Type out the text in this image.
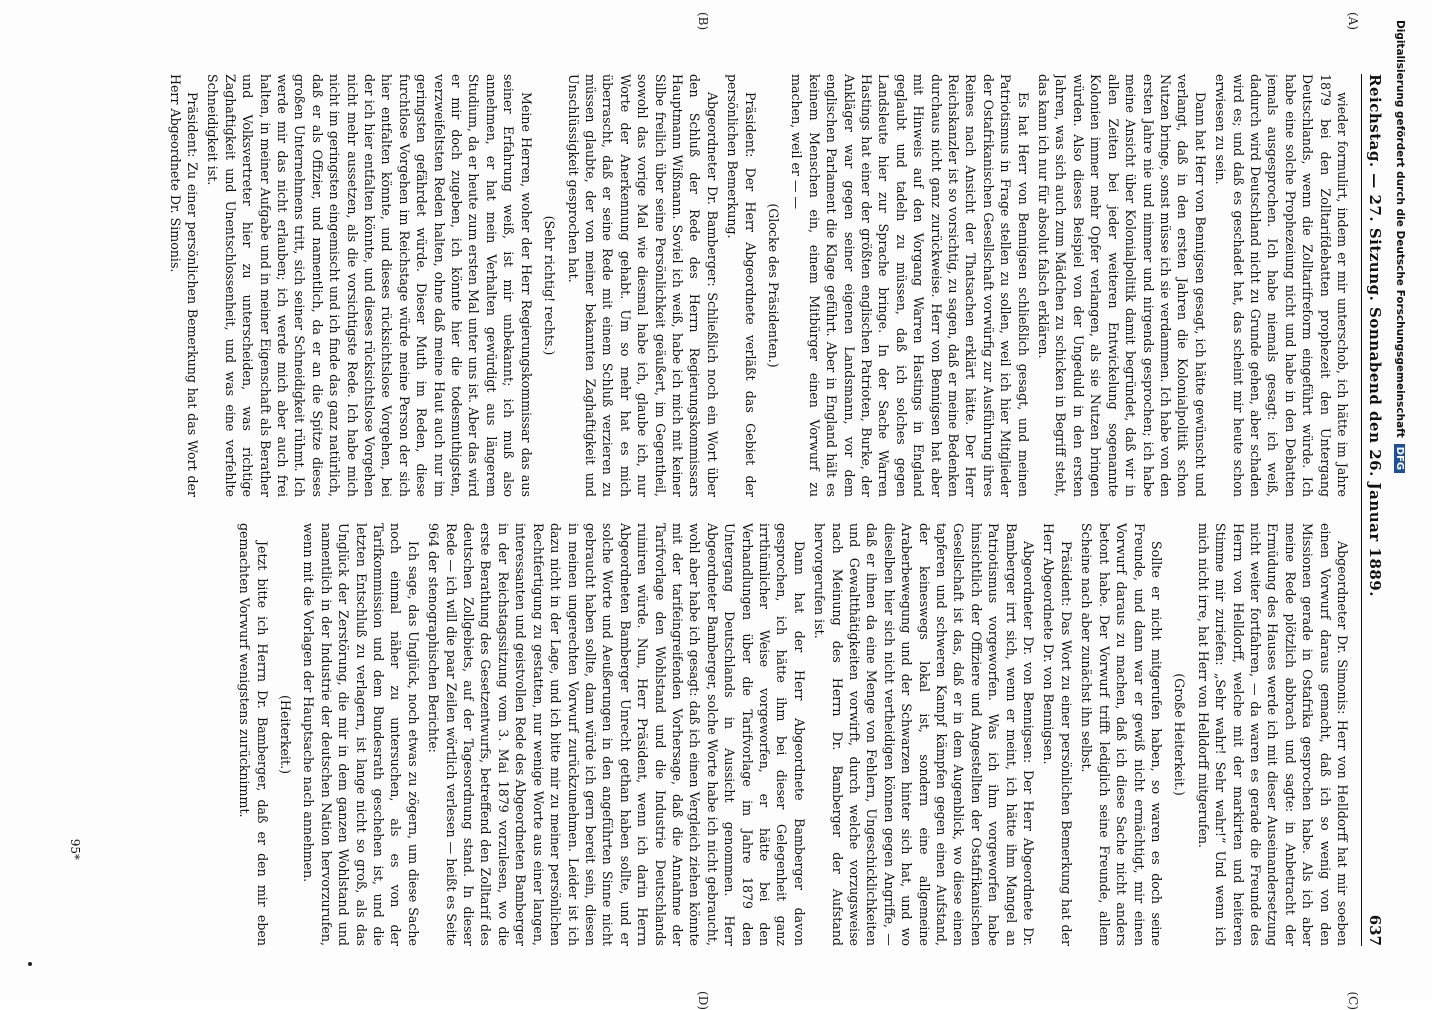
Reichstag. — 27. Sitzung. Sonnabend den 26. Januar 1889.
637

wieder formulirt, indem er mir unterschob, ich hätte im Jahre 1879 bei den Zolltarifdebatten prophezeit den Untergang Deutschlands, wenn die Zolltarifreform eingeführt würde. Ich habe eine solche Prophezeiung nicht und habe in den Debatten jemals ausgesprochen. Ich habe niemals gesagt: ich weiß, dadurch wird Deutschland nicht zu Grunde gehen, aber schaden wird es; und daß es geschadet hat, das scheint mir heute schon erwiesen zu sein.

Dann hat Herr von Bennigsen gesagt, ich hätte gewünscht und verlangt, daß in den ersten Jahren die Kolonialpolitik schon Nutzen bringe, sonst müsse ich sie verdammen. Ich habe von den ersten Jahre nie und nimmer und nirgends gesprochen; ich habe meine Ansicht über Kolonialpolitik damit begründet, daß wir in allen Zeiten bei jeder weiteren Entwickelung sogenannte Kolonien immer mehr Opfer verlangen, als sie Nutzen bringen würden. Also dieses Beispiel von der Ungeduld in den ersten Jahren, was sich auch zum Mädchen zu schicken in Begriff steht, das kann ich nur für absolut falsch erklären.

Es hat Herr von Bennigsen schließlich gesagt, und meinen Patriotismus in Frage stellen zu sollen, weil ich hier Mitglieder der Ostafrikanischen Gesellschaft vorwürfig zur Ausführung ihres Reines nach Ansicht der Thatsachen erklärt hätte. Der Herr Reichskanzler ist so vorsichtig, zu sagen, daß er meine Bedenken durchaus nicht ganz zurückweise. Herr von Bennigsen hat aber mit Hinweis auf den Vorgang Warren Hastings in England geglaubt und tadeln zu müssen, daß ich solches gegen Landsleute hier zur Sprache bringe. In der Sache Warren Hastings hat einer der größten englischen Patrioten, Burke, der Ankläger war gegen seiner eigenen Landsmann, vor dem englischen Parlament die Klage geführt. Aber in England hält es keinem Menschen ein, einem Mitbürger einen Vorwurf zu machen, weil er — —

(Glocke des Präsidenten.)

Präsident: Der Herr Abgeordnete verläßt das Gebiet der persönlichen Bemerkung.

Abgeordneter Dr. Bamberger: Schließlich noch ein Wort über den Schluß der Rede des Herrn Regierungskommissars Hauptmann Wißmann. Soviel ich weiß, habe ich mich mit keiner Silbe freilich über seine Persönlichkeit geäußert, im Gegentheil, sowohl das vorige Mal wie diesmal habe ich, glaube ich, nur Worte der Anerkennung gehabt. Um so mehr hat es mich überrascht, daß er seine Rede mit einem Schluß verzieren zu müssen glaubte, der von meiner bekannten Zaghaftigkeit und Unschlüssigkeit gesprochen hat.

(Sehr richtig! rechts.)

Meine Herren, woher der Herr Regierungskommissar das aus seiner Erfahrung weiß, ist mir unbekannt; ich muß also annehmen, er hat mein Verhalten gewürdigt aus längerem Studium, da er heute zum ersten Mal unter uns ist. Aber das wird er mir doch zugeben, ich könnte hier die todesmuthigsten, verzweifeltsten Reden halten, ohne daß meine Haut auch nur im geringsten gefährdet würde. Dieser Muth im Reden, diese furchtlose Vorgehen im Reichstage würde meine Person der sich hier entfalten könnte, und dieses rücksichtslose Vorgehen, bei der ich hier entfalten könnte, und dieses rücksichtslose Vorgehen nicht mehr aussetzen, als die vorsichtigste Rede. Ich habe mich nicht im geringsten eingemischt und ich finde das ganz natürlich, daß er als Offizier, und namentlich, da er an die Spitze dieses großen Unternehmens tritt, sich seiner Schneidigkeit rühmt. Ich werde mir das nicht erlauben; ich werde mich aber auch frei halten, in meiner Aufgabe und in meiner Eigenschaft als Berather und Volksvertreter hier zu unterscheiden, was richtige Zaghaftigkeit und Unentschlossenheit, und was eine verfehlte Schneidigkeit ist.

Präsident: Zu einer persönlichen Bemerkung hat das Wort der Herr Abgeordnete Dr. Simonis.

Abgeordneter Dr. Simonis: Herr von Helldorff hat mir soeben einen Vorwurf daraus gemacht, daß ich so wenig von den Missionen gerade in Ostafrika gesprochen habe. Als ich aber meine Rede plötzlich abbrach und sagte: in Anbetracht der Ermüdung des Hauses werde ich mit dieser Auseinandersetzung nicht weiter fortfahren, — da waren es gerade die Freunde des Herrn von Helldorff, welche mit der markirten und heiteren Stimme mir zuriefen: „Sehr wahr! Sehr wahr!“ Und wenn ich mich nicht irre, hat Herr von Helldorff mitgerufen.

(Große Heiterkeit.)

Sollte er nicht mitgerufen haben, so waren es doch seine Freunde, und dann war er gewiß nicht ermächtigt, mir einen Vorwurf daraus zu machen, daß ich diese Sache nicht anders betont habe. Der Vorwurf trifft lediglich seine Freunde, allem Scheine nach aber zunächst ihn selbst.

Präsident: Das Wort zu einer persönlichen Bemerkung hat der Herr Abgeordnete Dr. von Bennigsen.

Abgeordneter Dr. von Bennigsen: Der Herr Abgeordnete Dr. Bamberger irrt sich, wenn er meint, ich hätte ihm Mangel an Patriotismus vorgeworfen. Was ich ihm vorgeworfen habe hinsichtlich der Offiziere und Angestellten der Ostafrikanischen Gesellschaft ist das, daß er in dem Augenblick, wo diese einen tapferen und schweren Kampf kämpfen gegen einen Aufstand, der keineswegs lokal ist, sondern eine allgemeine Araberbewegung und der Schwarzen hinter sich hat, und wo dieselben hier sich nicht vertheidigen können gegen Angriffe, — daß er ihnen da eine Menge von Fehlern, Ungeschicklichkeiten und Gewaltthätigkeiten vorwirft, durch welche vorzugsweise nach Meinung des Herrn Dr. Bamberger der Aufstand hervorgerufen ist.

Dann hat der Herr Abgeordnete Bamberger davon gesprochen, ich hätte ihm bei dieser Gelegenheit ganz irrthümlicher Weise vorgeworfen, er hätte bei den Verhandlungen über die Tarifvorlage im Jahre 1879 den Untergang Deutschlands in Aussicht genommen. Herr Abgeordneter Bamberger, solche Worte habe ich nicht gebraucht, wohl aber habe ich gesagt: daß ich einen Vergleich ziehen könnte mit der tarifeingreifenden Vorhersage, daß die Annahme der Tarifvorlage den Wohlstand und die Industrie Deutschlands ruiniren würde. Nun, Herr Präsident, wenn ich darin Herrn Abgeordneten Bamberger Unrecht gethan haben sollte, und er solche Worte und Aeußerungen in den angeführten Sinne nicht gebraucht haben sollte, dann würde ich gern bereit sein, diesen in meinen ungerechten Vorwurf zurückzunehmen. Leider ist ich dazu nicht in der Lage, und ich bitte mir zu meiner persönlichen Rechtfertigung zu gestatten, nur wenige Worte aus einer langen, interessanten und geistvollen Rede des Abgeordneten Bamberger in der Reichstagssitzung vom 3. Mai 1879 vorzulesen, wo die erste Berathung des Gesetzentwurfs, betreffend den Zolltarif des deutschen Zollgebiets, auf der Tagesordnung stand. In dieser Rede — ich will die paar Zeilen wörtlich verlesen — heißt es Seite 964 der stenographischen Berichte:

Ich sage, das Unglück, noch etwas zu zögern, um diese Sache noch einmal näher zu untersuchen, als es von der Tarifkommission und dem Bundesrath geschehen ist, und die letzten Entschluß zu verlagern, ist lange nicht so groß, als das Unglück der Zerstörung, die mir in dem ganzen Wohlstand und namentlich in der Industrie der deutschen Nation hervorzurufen, wenn mit die Vorlagen der Hauptsache nach annehmen.

(Heiterkeit.)

Jetzt bitte ich Herrn Dr. Bamberger, daß er den mir eben gemachten Vorwurf wenigstens zurücknimmt.

(A)
(B)
(C)
(D)
95*
Digitalisierung gefördert durch die Deutsche ForschungsgemeinschaftDFG
